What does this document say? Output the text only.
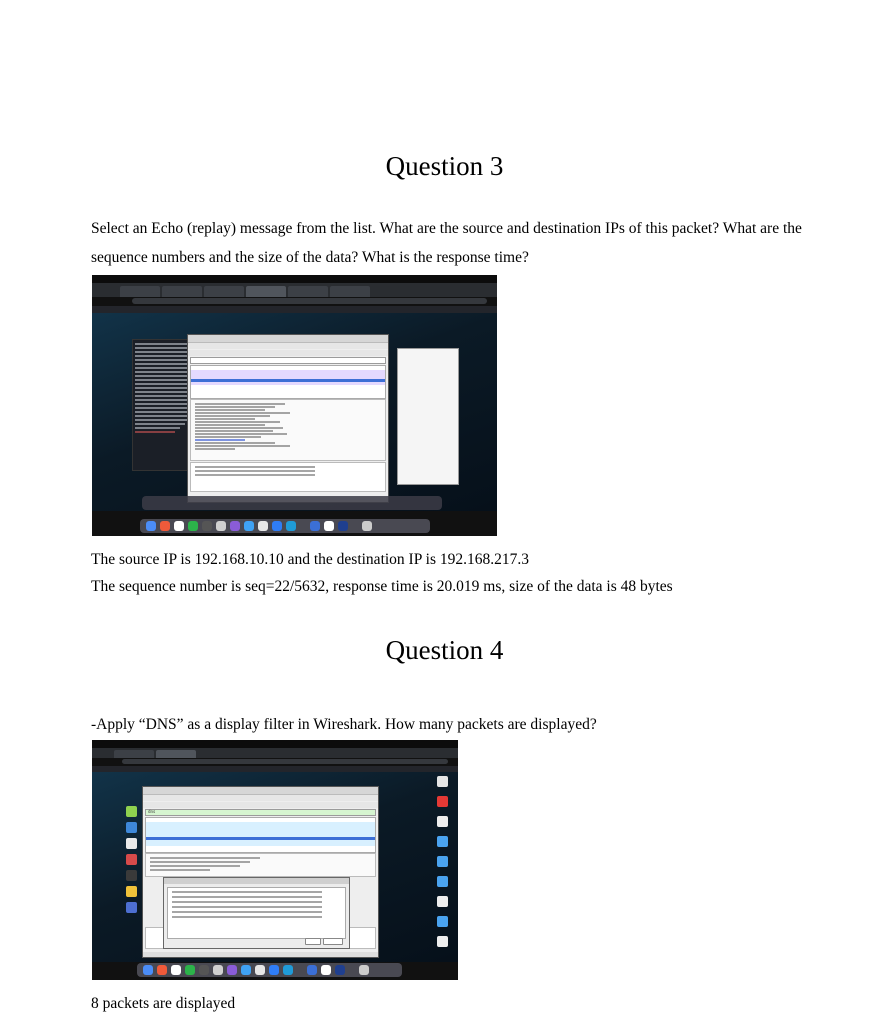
Question 3
Select an Echo (replay) message from the list. What are the source and destination IPs of this packet? What are the sequence numbers and the size of the data? What is the response time?
The source IP is 192.168.10.10 and the destination IP is 192.168.217.3
The sequence number is seq=22/5632, response time is 20.019 ms, size of the data is 48 bytes
Question 4
-Apply “DNS” as a display filter in Wireshark. How many packets are displayed?
dns
8 packets are displayed
